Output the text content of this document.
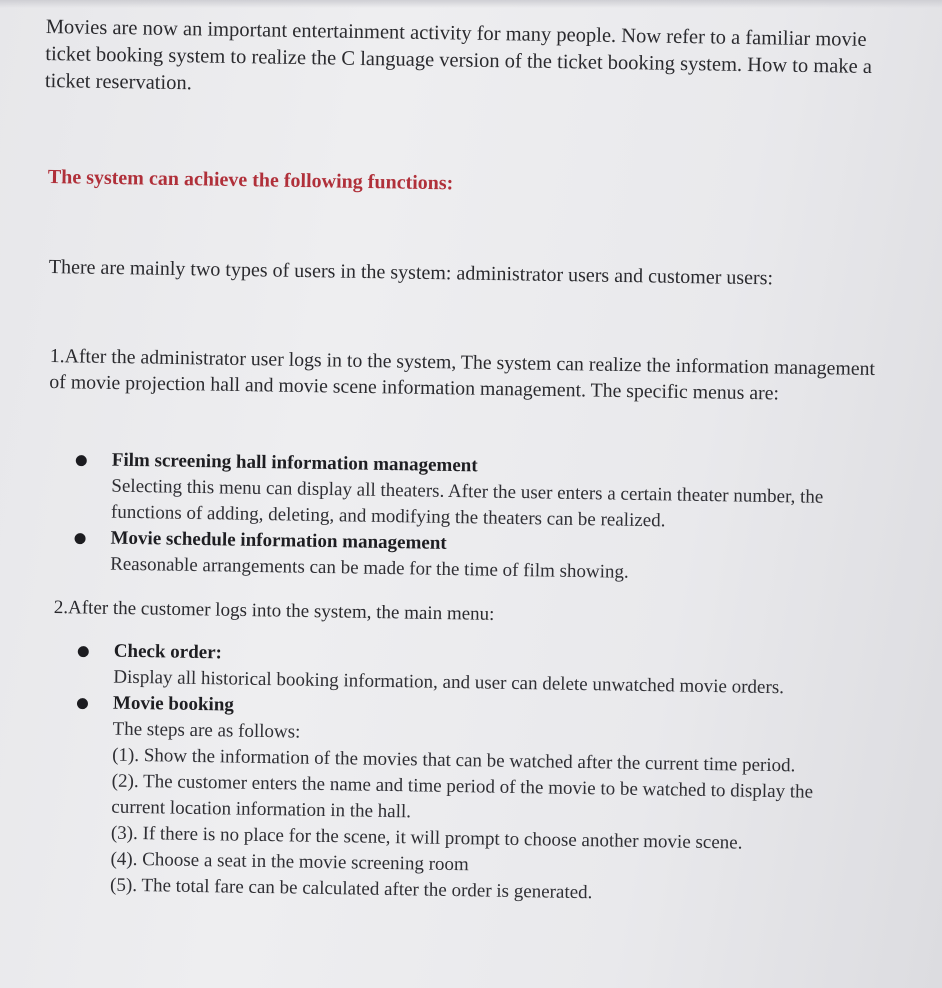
Movies are now an important entertainment activity for many people. Now refer to a familiar movie ticket booking system to realize the C language version of the ticket booking system. How to make a ticket reservation.

The system can achieve the following functions:

There are mainly two types of users in the system: administrator users and customer users:

1.After the administrator user logs in to the system, The system can realize the information management of movie projection hall and movie scene information management. The specific menus are:

Film screening hall information management
Selecting this menu can display all theaters. After the user enters a certain theater number, the functions of adding, deleting, and modifying the theaters can be realized.
Movie schedule information management
Reasonable arrangements can be made for the time of film showing.

2.After the customer logs into the system, the main menu:

Check order:
Display all historical booking information, and user can delete unwatched movie orders.
Movie booking
The steps are as follows:
(1). Show the information of the movies that can be watched after the current time period.
(2). The customer enters the name and time period of the movie to be watched to display the current location information in the hall.
(3). If there is no place for the scene, it will prompt to choose another movie scene.
(4). Choose a seat in the movie screening room
(5). The total fare can be calculated after the order is generated.
